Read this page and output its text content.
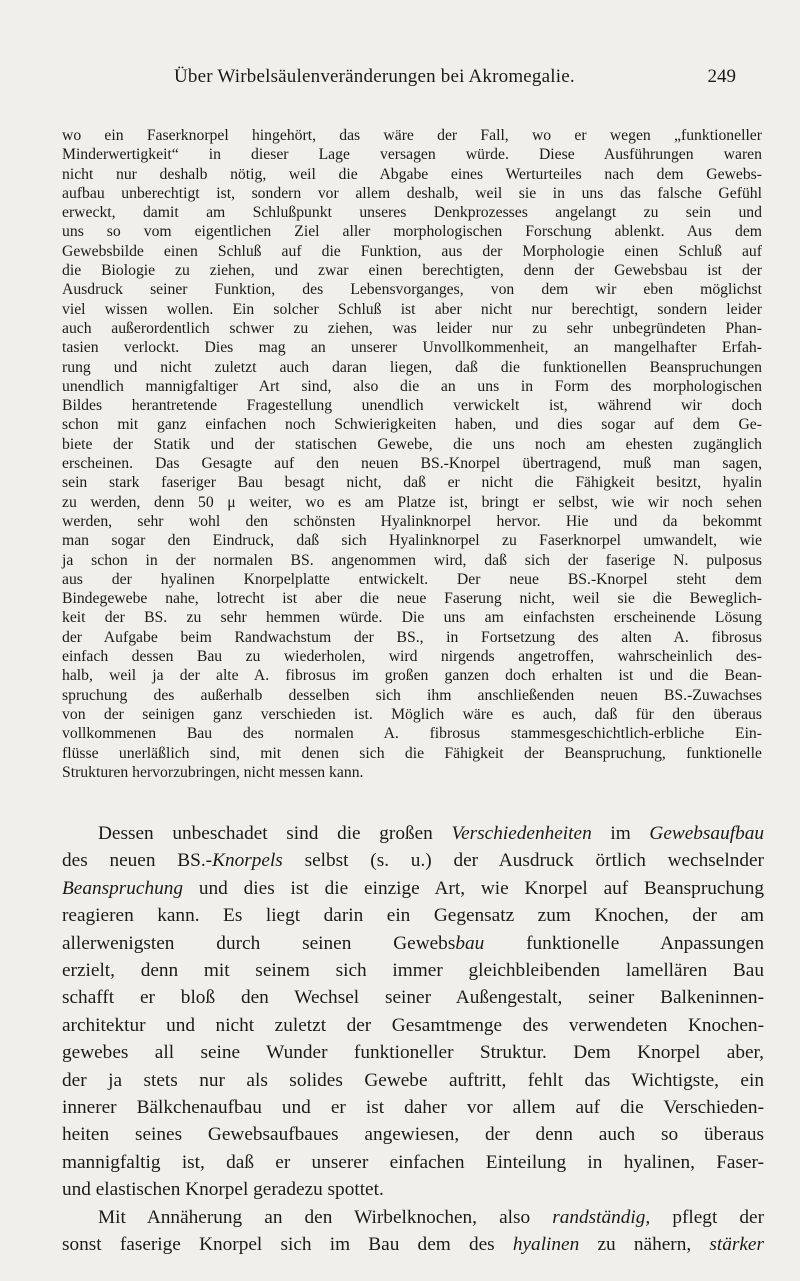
Über Wirbelsäulenveränderungen bei Akromegalie.	249
wo ein Faserknorpel hingehört, das wäre der Fall, wo er wegen „funktioneller
Minderwertigkeit“ in dieser Lage versagen würde. Diese Ausführungen waren
nicht nur deshalb nötig, weil die Abgabe eines Werturteiles nach dem Gewebs-
aufbau unberechtigt ist, sondern vor allem deshalb, weil sie in uns das falsche Gefühl
erweckt, damit am Schlußpunkt unseres Denkprozesses angelangt zu sein und
uns so vom eigentlichen Ziel aller morphologischen Forschung ablenkt. Aus dem
Gewebsbilde einen Schluß auf die Funktion, aus der Morphologie einen Schluß auf
die Biologie zu ziehen, und zwar einen berechtigten, denn der Gewebsbau ist der
Ausdruck seiner Funktion, des Lebensvorganges, von dem wir eben möglichst
viel wissen wollen. Ein solcher Schluß ist aber nicht nur berechtigt, sondern leider
auch außerordentlich schwer zu ziehen, was leider nur zu sehr unbegründeten Phan-
tasien verlockt. Dies mag an unserer Unvollkommenheit, an mangelhafter Erfah-
rung und nicht zuletzt auch daran liegen, daß die funktionellen Beanspruchungen
unendlich mannigfaltiger Art sind, also die an uns in Form des morphologischen
Bildes herantretende Fragestellung unendlich verwickelt ist, während wir doch
schon mit ganz einfachen noch Schwierigkeiten haben, und dies sogar auf dem Ge-
biete der Statik und der statischen Gewebe, die uns noch am ehesten zugänglich
erscheinen. Das Gesagte auf den neuen BS.-Knorpel übertragend, muß man sagen,
sein stark faseriger Bau besagt nicht, daß er nicht die Fähigkeit besitzt, hyalin
zu werden, denn 50 μ weiter, wo es am Platze ist, bringt er selbst, wie wir noch sehen
werden, sehr wohl den schönsten Hyalinknorpel hervor. Hie und da bekommt
man sogar den Eindruck, daß sich Hyalinknorpel zu Faserknorpel umwandelt, wie
ja schon in der normalen BS. angenommen wird, daß sich der faserige N. pulposus
aus der hyalinen Knorpelplatte entwickelt. Der neue BS.-Knorpel steht dem
Bindegewebe nahe, lotrecht ist aber die neue Faserung nicht, weil sie die Beweglich-
keit der BS. zu sehr hemmen würde. Die uns am einfachsten erscheinende Lösung
der Aufgabe beim Randwachstum der BS., in Fortsetzung des alten A. fibrosus
einfach dessen Bau zu wiederholen, wird nirgends angetroffen, wahrscheinlich des-
halb, weil ja der alte A. fibrosus im großen ganzen doch erhalten ist und die Bean-
spruchung des außerhalb desselben sich ihm anschließenden neuen BS.-Zuwachses
von der seinigen ganz verschieden ist. Möglich wäre es auch, daß für den überaus
vollkommenen Bau des normalen A. fibrosus stammesgeschichtlich-erbliche Ein-
flüsse unerläßlich sind, mit denen sich die Fähigkeit der Beanspruchung, funktionelle
Strukturen hervorzubringen, nicht messen kann.
Dessen unbeschadet sind die großen Verschiedenheiten im Gewebsaufbau
des neuen BS.-Knorpels selbst (s. u.) der Ausdruck örtlich wechselnder
Beanspruchung und dies ist die einzige Art, wie Knorpel auf Beanspruchung
reagieren kann. Es liegt darin ein Gegensatz zum Knochen, der am
allerwenigsten durch seinen Gewebsbau funktionelle Anpassungen
erzielt, denn mit seinem sich immer gleichbleibenden lamellären Bau
schafft er bloß den Wechsel seiner Außengestalt, seiner Balkeninnen-
architektur und nicht zuletzt der Gesamtmenge des verwendeten Knochen-
gewebes all seine Wunder funktioneller Struktur. Dem Knorpel aber,
der ja stets nur als solides Gewebe auftritt, fehlt das Wichtigste, ein
innerer Bälkchenaufbau und er ist daher vor allem auf die Verschieden-
heiten seines Gewebsaufbaues angewiesen, der denn auch so überaus
mannigfaltig ist, daß er unserer einfachen Einteilung in hyalinen, Faser-
und elastischen Knorpel geradezu spottet.
Mit Annäherung an den Wirbelknochen, also randständig, pflegt der
sonst faserige Knorpel sich im Bau dem des hyalinen zu nähern, stärker
